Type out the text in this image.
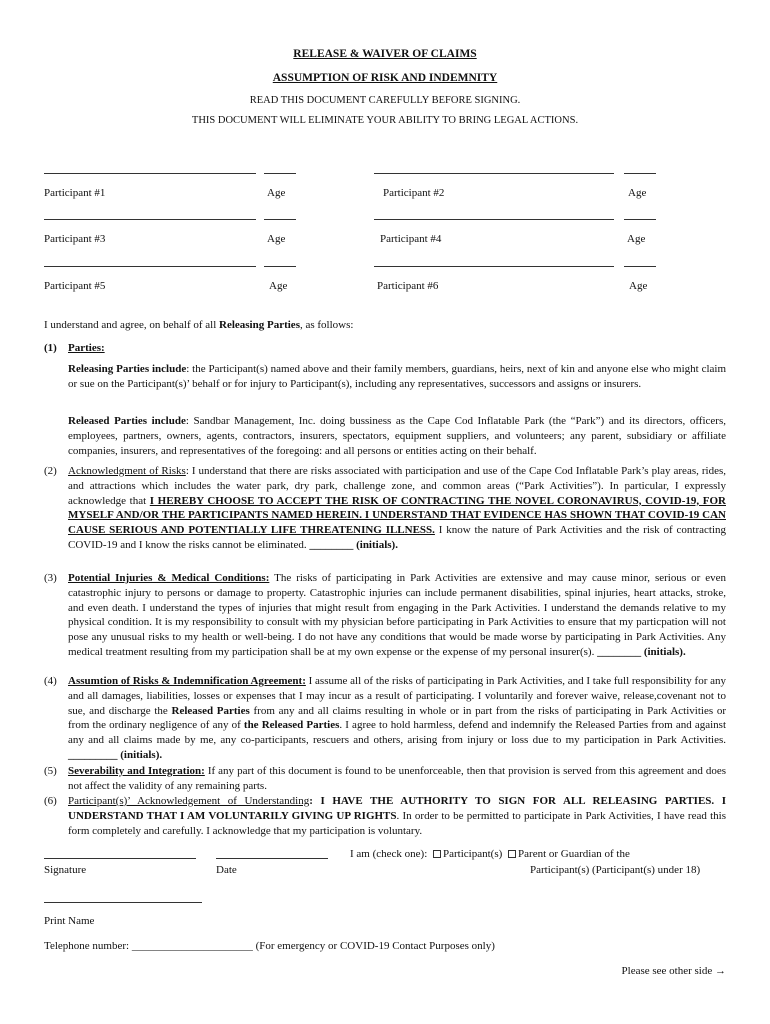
RELEASE & WAIVER OF CLAIMS
ASSUMPTION OF RISK AND INDEMNITY
READ THIS DOCUMENT CAREFULLY BEFORE SIGNING.
THIS DOCUMENT WILL ELIMINATE YOUR ABILITY TO BRING LEGAL ACTIONS.
Participant #1	Age	Participant #2	Age
Participant #3	Age	Participant #4	Age
Participant #5	Age	Participant #6	Age
I understand and agree, on behalf of all Releasing Parties, as follows:
(1) Parties:
Releasing Parties include: the Participant(s) named above and their family members, guardians, heirs, next of kin and anyone else who might claim or sue on the Participant(s)’ behalf or for injury to Participant(s), including any representatives, successors and assigns or insurers.
Released Parties include: Sandbar Management, Inc. doing bussiness as the Cape Cod Inflatable Park (the “Park”) and its directors, officers, employees, partners, owners, agents, contractors, insurers, spectators, equipment suppliers, and volunteers; any parent, subsidiary or affiliate companies, insurers, and representatives of the foregoing: and all persons or entities acting on their behalf.
(2) Acknowledgment of Risks: I understand that there are risks associated with participation and use of the Cape Cod Inflatable Park’s play areas, rides, and attractions which includes the water park, dry park, challenge zone, and common areas (“Park Activities”). In particular, I expressly acknowledge that I HEREBY CHOOSE TO ACCEPT THE RISK OF CONTRACTING THE NOVEL CORONAVIRUS, COVID-19, FOR MYSELF AND/OR THE PARTICIPANTS NAMED HEREIN. I UNDERSTAND THAT EVIDENCE HAS SHOWN THAT COVID-19 CAN CAUSE SERIOUS AND POTENTIALLY LIFE THREATENING ILLNESS. I know the nature of Park Activities and the risk of contracting COVID-19 and I know the risks cannot be eliminated. ________ (initials).
(3) Potential Injuries & Medical Conditions: The risks of participating in Park Activities are extensive and may cause minor, serious or even catastrophic injury to persons or damage to property. Catastrophic injuries can include permanent disabilities, spinal injuries, heart attacks, stroke, and even death. I understand the types of injuries that might result from engaging in the Park Activities. I understand the demands relative to my physical condition. It is my responsibility to consult with my physician before participating in Park Activities to ensure that my particpation will not pose any unusual risks to my health or well-being. I do not have any conditions that would be made worse by participating in Park Activities. Any medical treatment resulting from my participation shall be at my own expense or the expense of my personal insurer(s). ________ (initials).
(4) Assumtion of Risks & Indemnification Agreement: I assume all of the risks of participating in Park Activities, and I take full responsibility for any and all damages, liabilities, losses or expenses that I may incur as a result of participating. I voluntarily and forever waive, release,covenant not to sue, and discharge the Released Parties from any and all claims resulting in whole or in part from the risks of participating in Park Activities or from the ordinary negligence of any of the Released Parties. I agree to hold harmless, defend and indemnify the Released Parties from and against any and all claims made by me, any co-participants, rescuers and others, arising from injury or loss due to my participation in Park Activities. _________ (initials).
(5) Severability and Integration: If any part of this document is found to be unenforceable, then that provision is served from this agreement and does not affect the validity of any remaining parts.
(6) Participant(s)’ Acknowledgement of Understanding: I HAVE THE AUTHORITY TO SIGN FOR ALL RELEASING PARTIES. I UNDERSTAND THAT I AM VOLUNTARILY GIVING UP RIGHTS. In order to be permitted to participate in Park Activities, I have read this form completely and carefully. I acknowledge that my participation is voluntary.
Signature	Date
I am (check one): Participant(s) Parent or Guardian of the
Participant(s) (Participant(s) under 18)
Print Name
Telephone number: ______________________ (For emergency or COVID-19 Contact Purposes only)
Please see other side →
